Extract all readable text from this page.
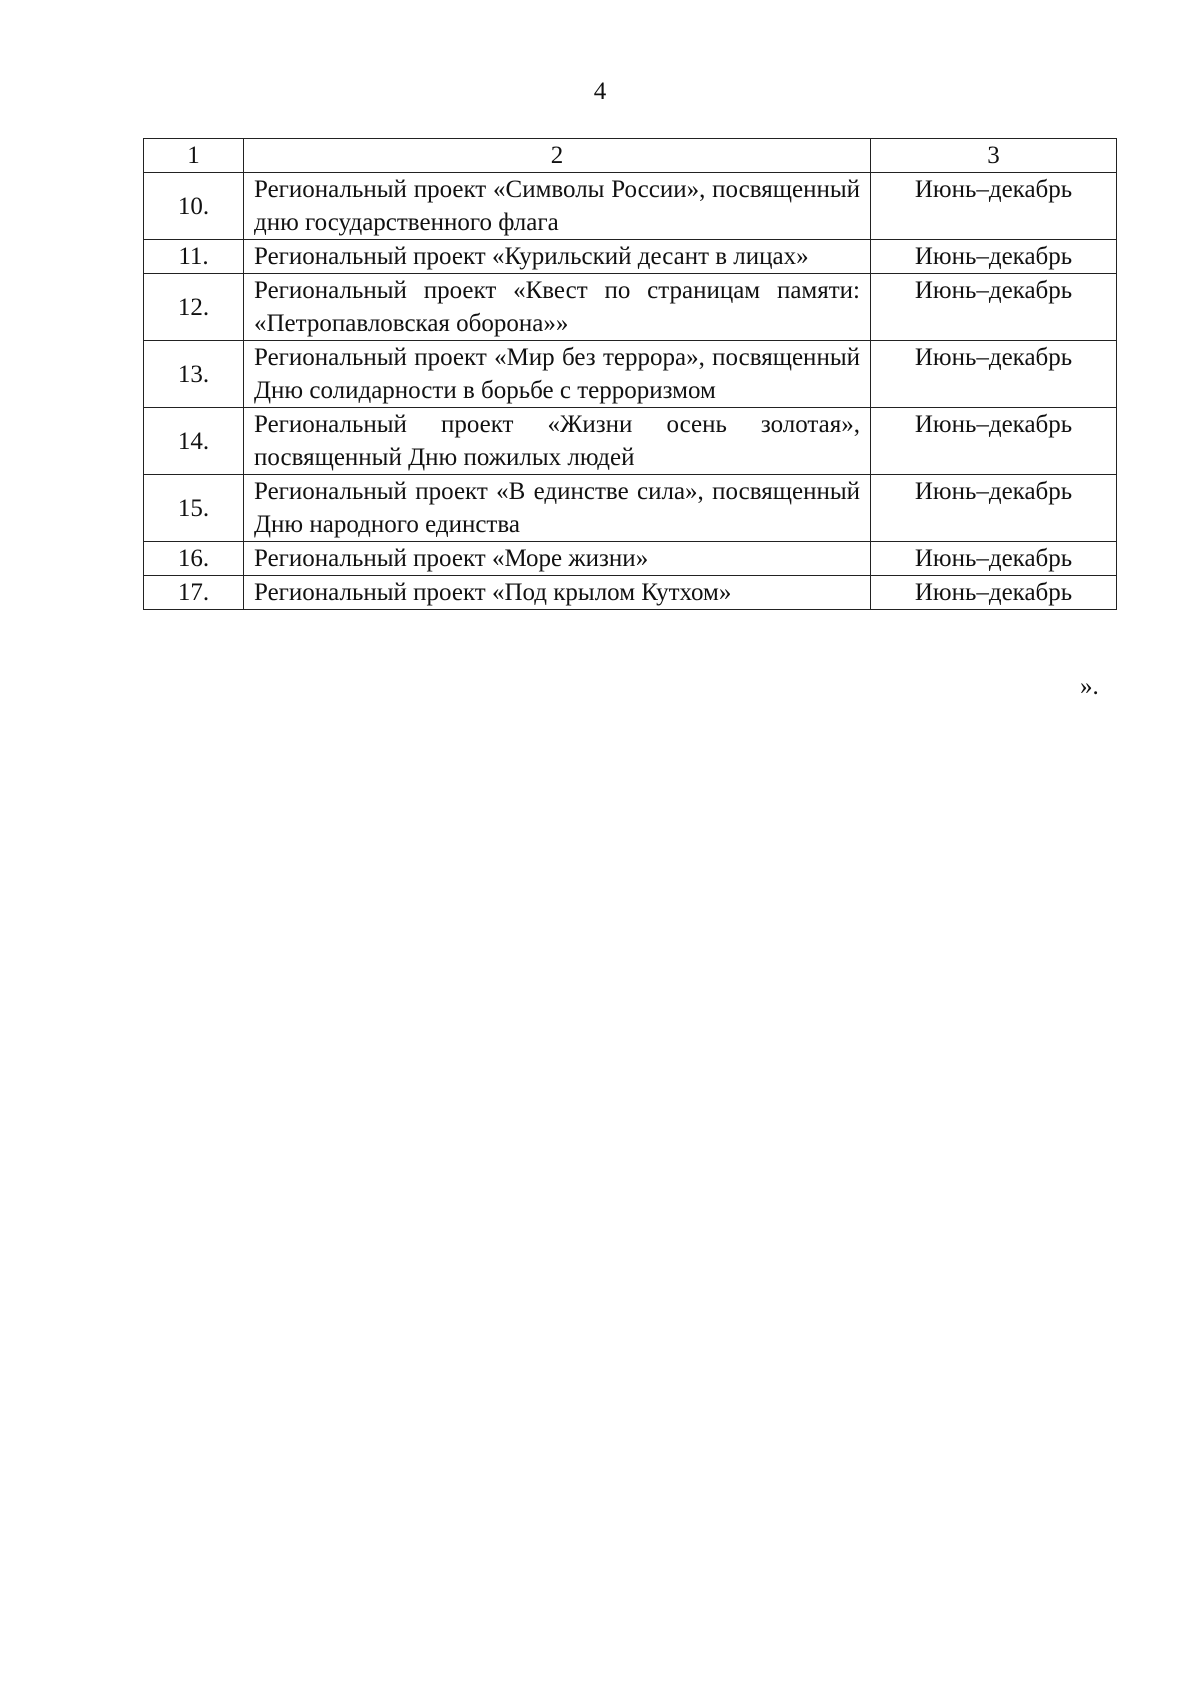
4
1	2	3
10.	Региональный проект «Символы России», посвященный дню государственного флага	Июнь–декабрь
11.	Региональный проект «Курильский десант в лицах»	Июнь–декабрь
12.	Региональный проект «Квест по страницам памяти: «Петропавловская оборона»»	Июнь–декабрь
13.	Региональный проект «Мир без террора», посвященный Дню солидарности в борьбе с терроризмом	Июнь–декабрь
14.	Региональный проект «Жизни осень золотая», посвященный Дню пожилых людей	Июнь–декабрь
15.	Региональный проект «В единстве сила», посвященный Дню народного единства	Июнь–декабрь
16.	Региональный проект «Море жизни»	Июнь–декабрь
17.	Региональный проект «Под крылом Кутхом»	Июнь–декабрь
».
